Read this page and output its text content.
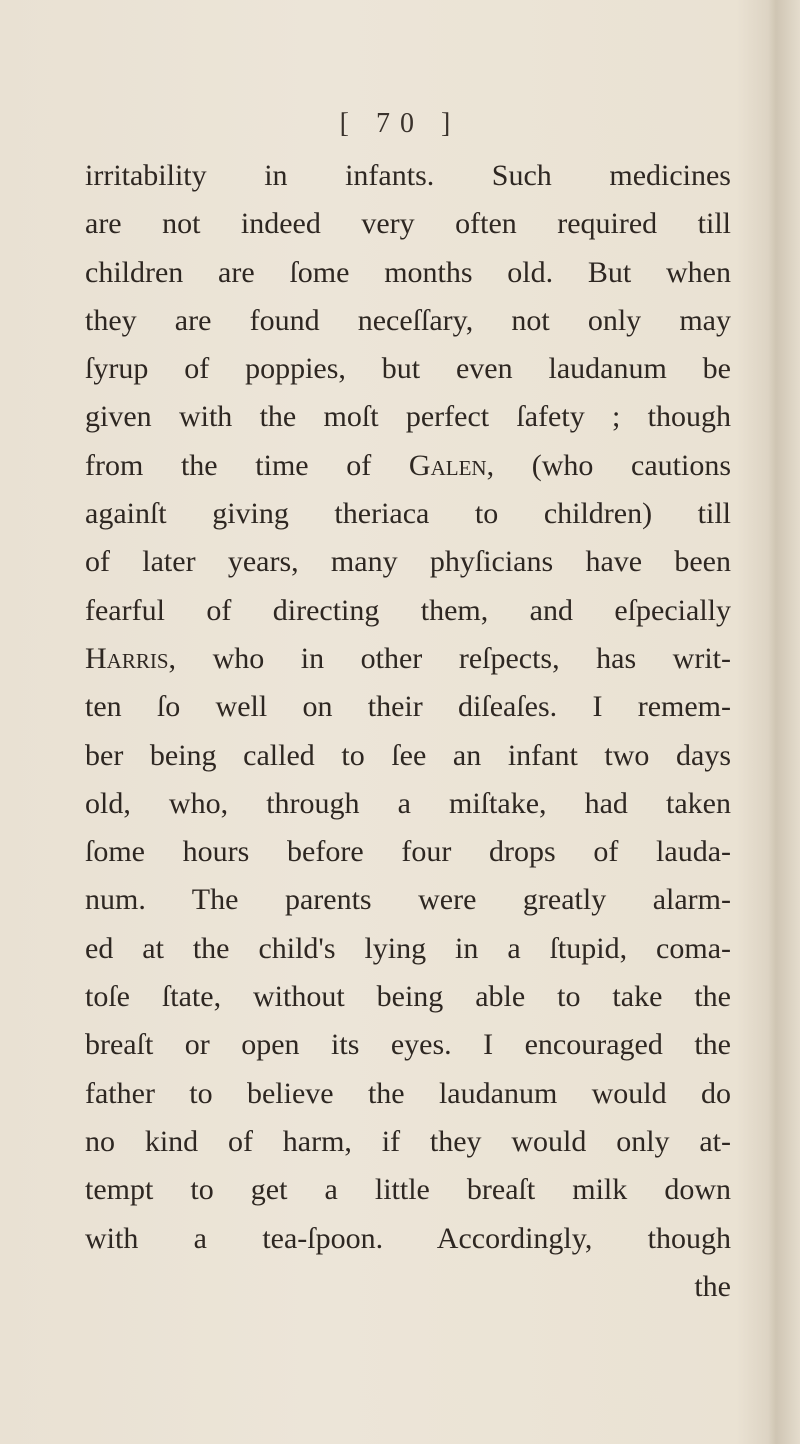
[ 70 ]
irritability in infants. Such medicines
are not indeed very often required till
children are ſome months old. But when
they are found neceſſary, not only may
ſyrup of poppies, but even laudanum be
given with the moſt perfect ſafety ; though
from the time of Galen, (who cautions
againſt giving theriaca to children) till
of later years, many phyſicians have been
fearful of directing them, and eſpecially
Harris, who in other reſpects, has writ-
ten ſo well on their diſeaſes. I remem-
ber being called to ſee an infant two days
old, who, through a miſtake, had taken
ſome hours before four drops of lauda-
num. The parents were greatly alarm-
ed at the child's lying in a ſtupid, coma-
toſe ſtate, without being able to take the
breaſt or open its eyes. I encouraged the
father to believe the laudanum would do
no kind of harm, if they would only at-
tempt to get a little breaſt milk down
with a tea-ſpoon. Accordingly, though
the
